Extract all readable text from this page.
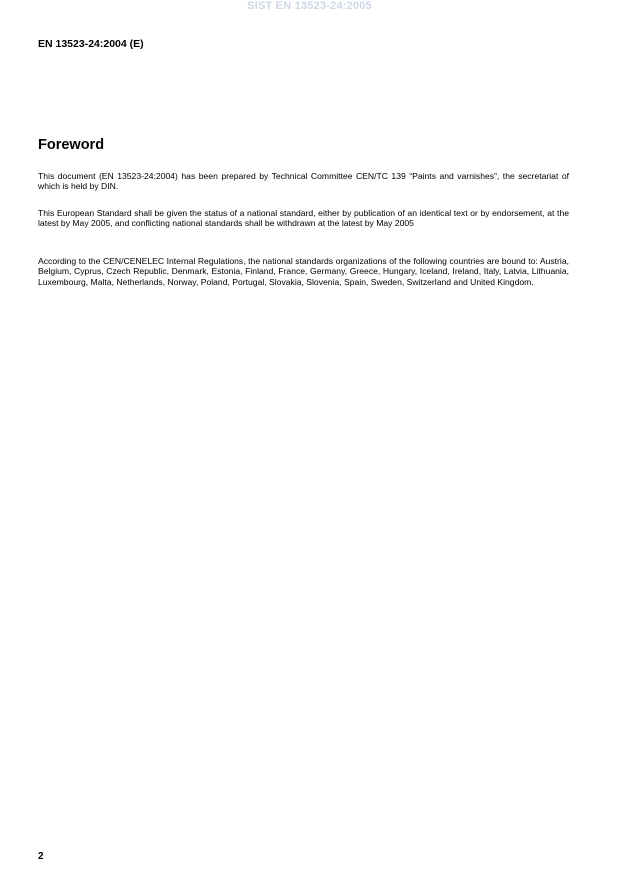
SIST EN 13523-24:2005
EN 13523-24:2004 (E)
Foreword
This document (EN 13523-24:2004) has been prepared by Technical Committee CEN/TC 139 “Paints and varnishes”, the secretariat of which is held by DIN.
This European Standard shall be given the status of a national standard, either by publication of an identical text or by endorsement, at the latest by May 2005, and conflicting national standards shall be withdrawn at the latest by May 2005
According to the CEN/CENELEC Internal Regulations, the national standards organizations of the following countries are bound to: Austria, Belgium, Cyprus, Czech Republic, Denmark, Estonia, Finland, France, Germany, Greece, Hungary, Iceland, Ireland, Italy, Latvia, Lithuania, Luxembourg, Malta, Netherlands, Norway, Poland, Portugal, Slovakia, Slovenia, Spain, Sweden, Switzerland and United Kingdom.
2
